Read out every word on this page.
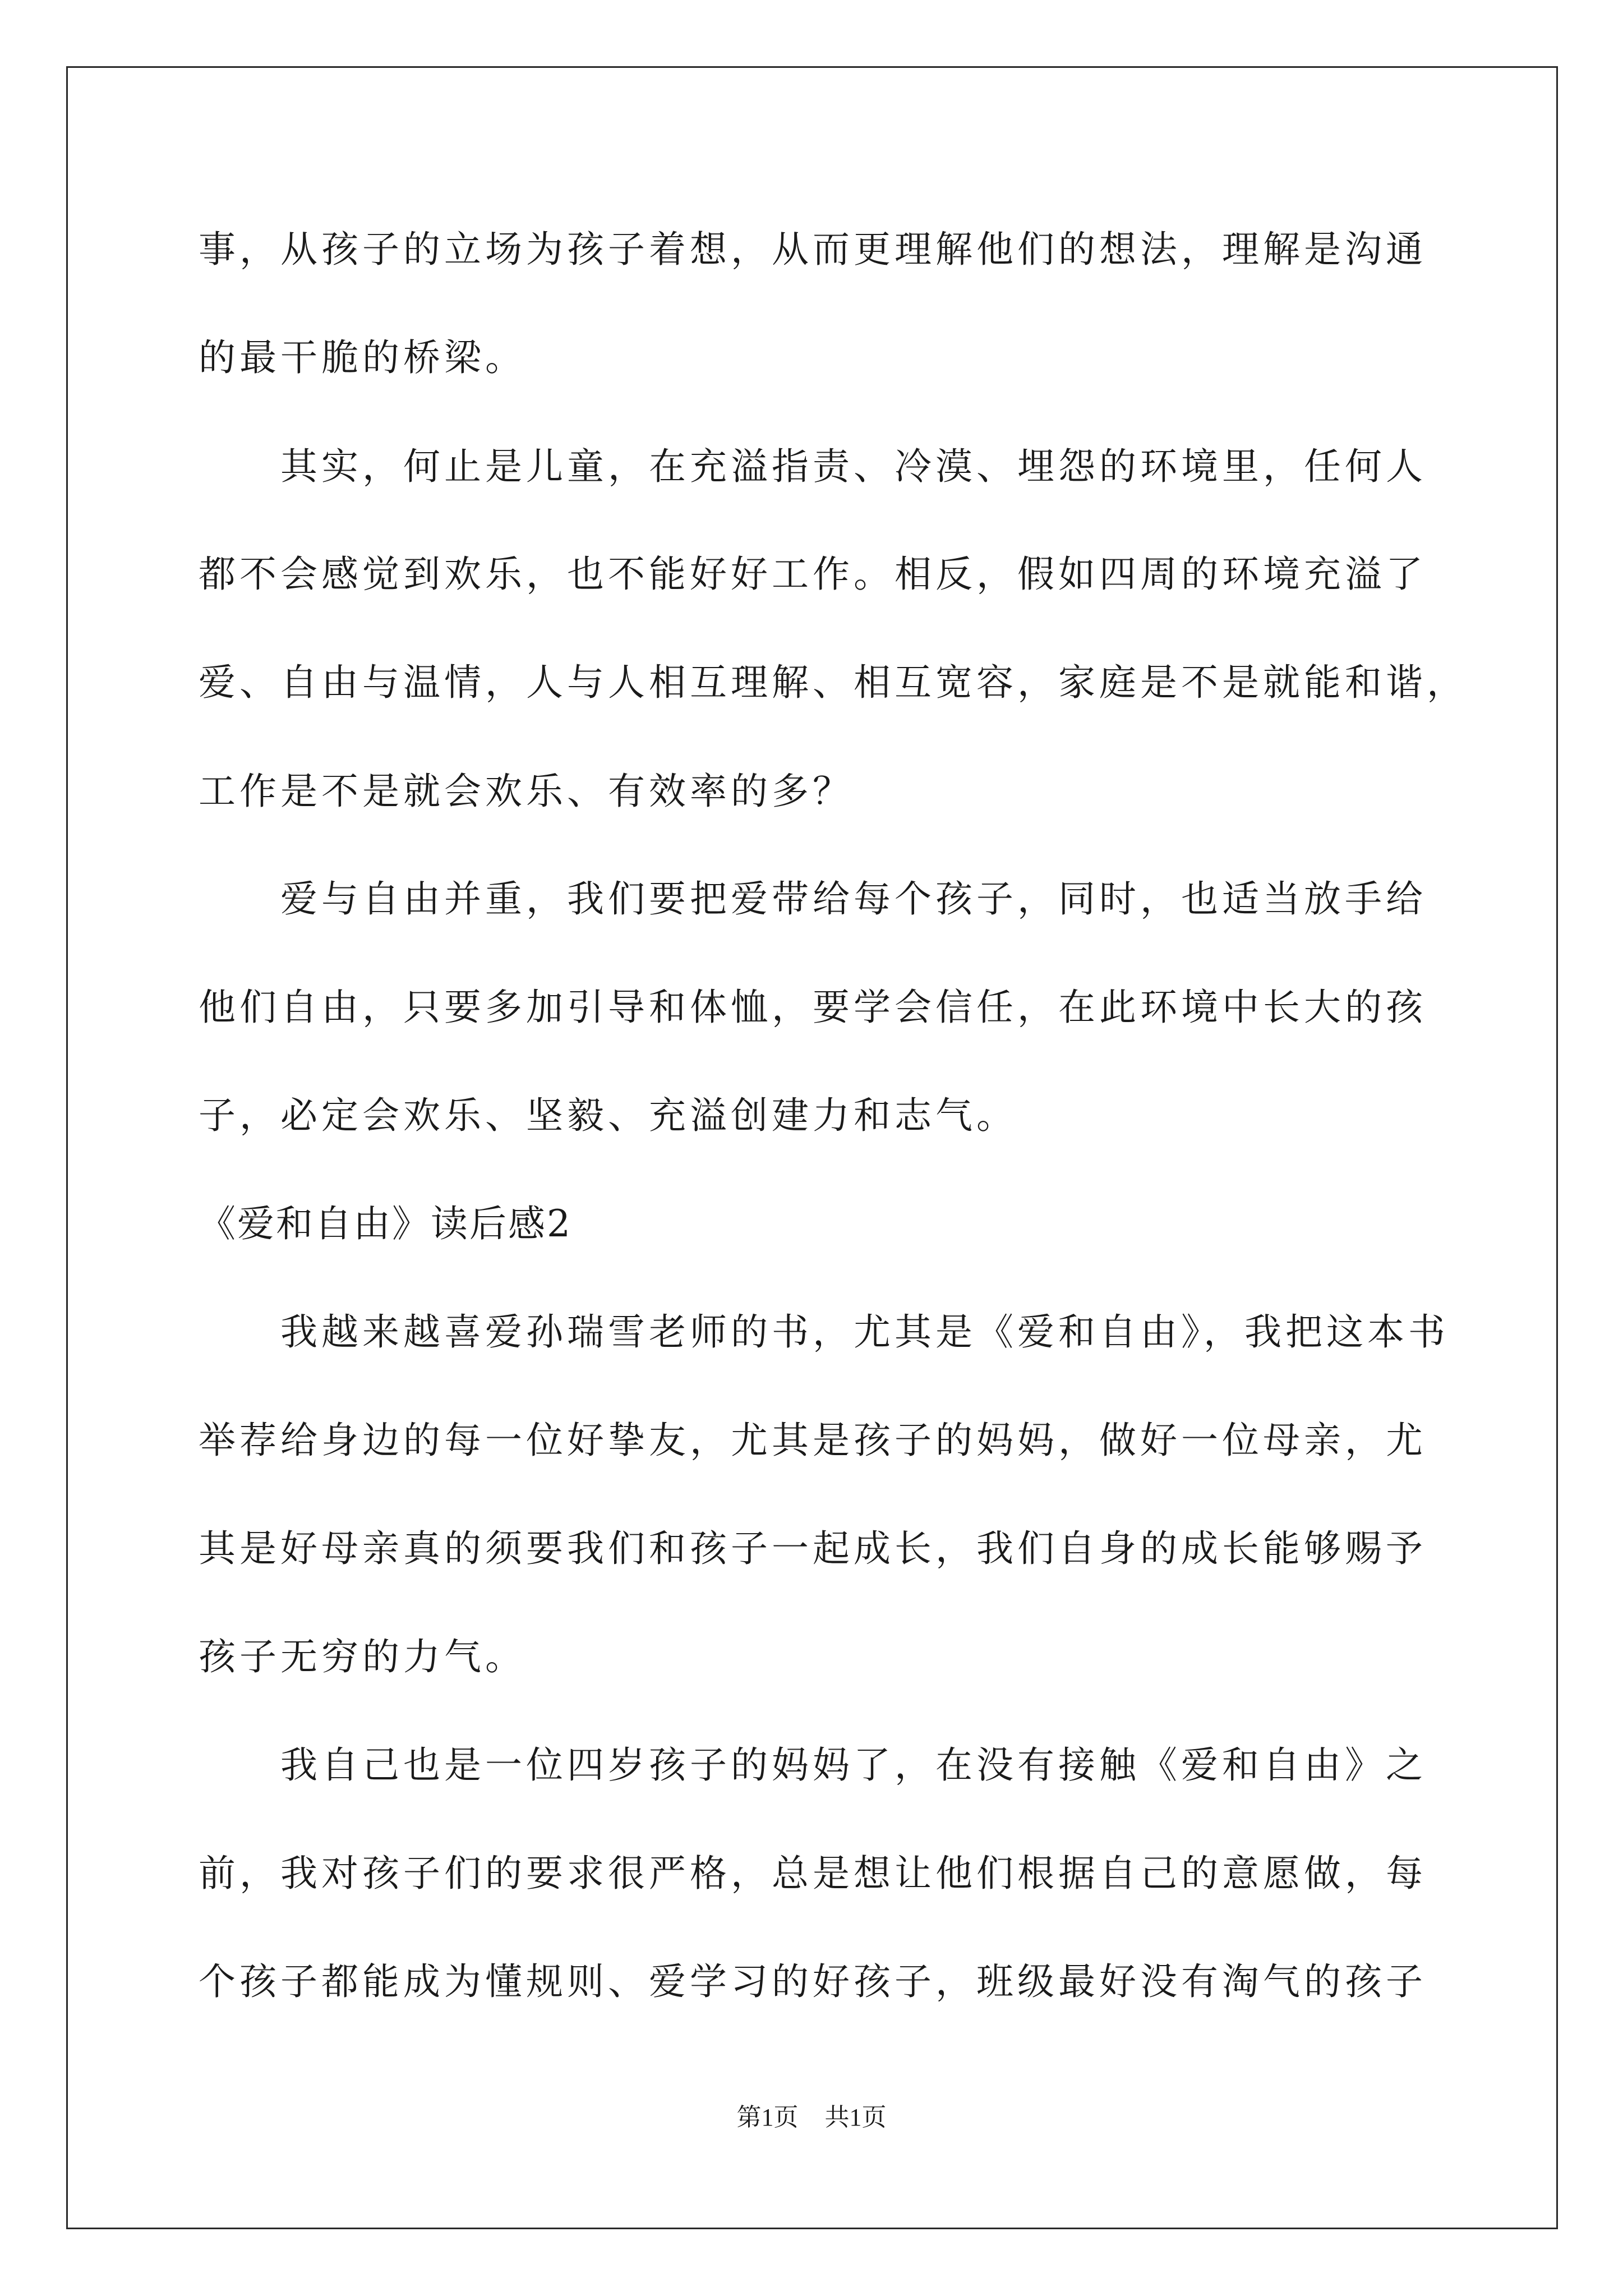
事，从孩子的立场为孩子着想，从而更理解他们的想法，理解是沟通
的最干脆的桥梁。
其实，何止是儿童，在充溢指责、冷漠、埋怨的环境里，任何人
都不会感觉到欢乐，也不能好好工作。相反，假如四周的环境充溢了
爱、自由与温情，人与人相互理解、相互宽容，家庭是不是就能和谐，
工作是不是就会欢乐、有效率的多？
爱与自由并重，我们要把爱带给每个孩子，同时，也适当放手给
他们自由，只要多加引导和体恤，要学会信任，在此环境中长大的孩
子，必定会欢乐、坚毅、充溢创建力和志气。
《爱和自由》读后感2
我越来越喜爱孙瑞雪老师的书，尤其是《爱和自由》，我把这本书
举荐给身边的每一位好挚友，尤其是孩子的妈妈，做好一位母亲，尤
其是好母亲真的须要我们和孩子一起成长，我们自身的成长能够赐予
孩子无穷的力气。
我自己也是一位四岁孩子的妈妈了，在没有接触《爱和自由》之
前，我对孩子们的要求很严格，总是想让他们根据自己的意愿做，每
个孩子都能成为懂规则、爱学习的好孩子，班级最好没有淘气的孩子
第1页 共1页
